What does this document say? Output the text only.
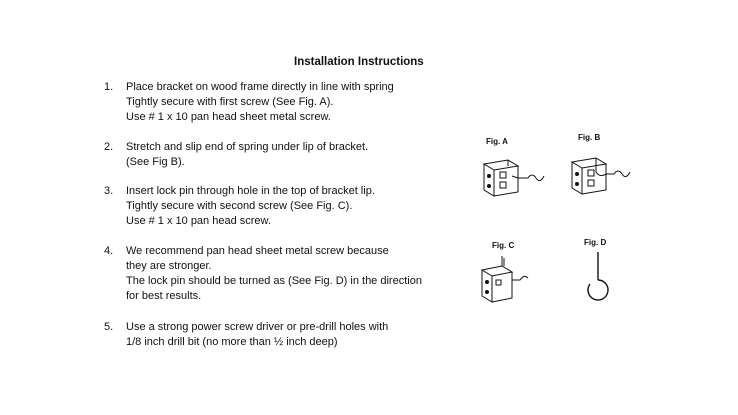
Installation Instructions
1.	Place bracket on wood frame directly in line with spring
Tightly secure with first screw (See Fig. A).
Use # 1 x 10 pan head sheet metal screw.
2.	Stretch and slip end of spring under lip of bracket.
(See Fig B).
3.	Insert lock pin through hole in the top of bracket lip.
Tightly secure with second screw (See Fig. C).
Use # 1 x 10 pan head screw.
4.	We recommend pan head sheet metal screw because
they are stronger.
The lock pin should be turned as (See Fig. D) in the direction
for best results.
5.	Use a strong power screw driver or pre-drill holes with
1/8 inch drill bit (no more than ½ inch deep)
Fig. A	Fig. B
Fig. C	Fig. D
